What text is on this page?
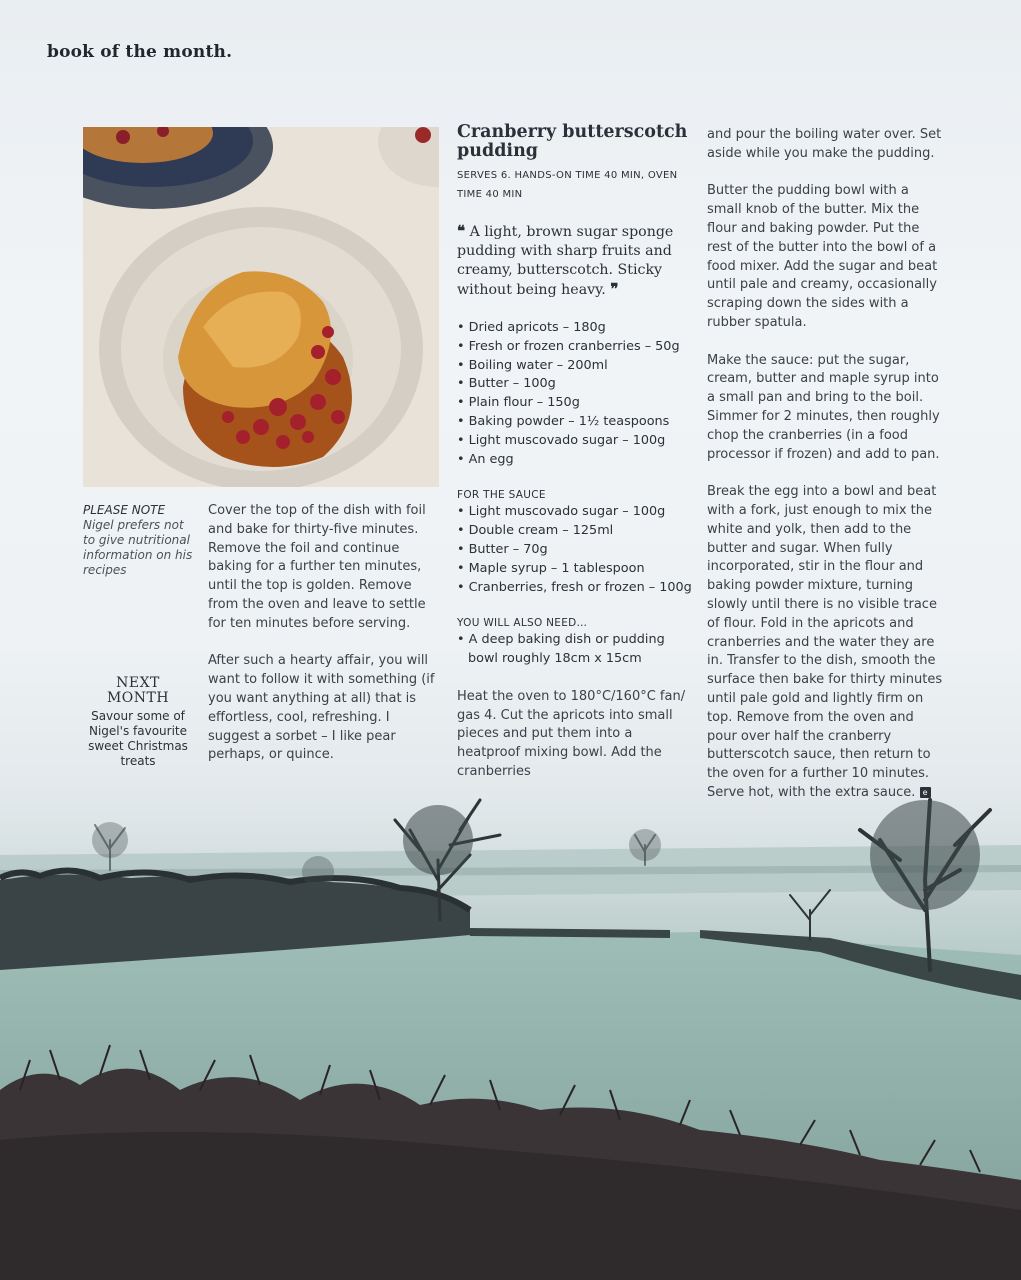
book of the month.
PLEASE NOTE
Nigel prefers not to give nutritional information on his recipes
NEXT
MONTH
Savour some of Nigel's favourite sweet Christmas treats

Cover the top of the dish with foil and bake for thirty-five minutes. Remove the foil and continue baking for a further ten minutes, until the top is golden. Remove from the oven and leave to settle for ten minutes before serving.

After such a hearty affair, you will want to follow it with something (if you want anything at all) that is effortless, cool, refreshing. I suggest a sorbet – I like pear perhaps, or quince.

Cranberry butterscotch pudding
SERVES 6. HANDS-ON TIME 40 MIN, OVEN TIME 40 MIN
❝ A light, brown sugar sponge pudding with sharp fruits and creamy, butterscotch. Sticky without being heavy. ❞
• Dried apricots – 180g
• Fresh or frozen cranberries – 50g
• Boiling water – 200ml
• Butter – 100g
• Plain flour – 150g
• Baking powder – 1½ teaspoons
• Light muscovado sugar – 100g
• An egg
FOR THE SAUCE
• Light muscovado sugar – 100g
• Double cream – 125ml
• Butter – 70g
• Maple syrup – 1 tablespoon
• Cranberries, fresh or frozen – 100g
YOU WILL ALSO NEED…
• A deep baking dish or pudding bowl roughly 18cm x 15cm
Heat the oven to 180°C/160°C fan/ gas 4. Cut the apricots into small pieces and put them into a heatproof mixing bowl. Add the cranberries

and pour the boiling water over. Set aside while you make the pudding.

Butter the pudding bowl with a small knob of the butter. Mix the flour and baking powder. Put the rest of the butter into the bowl of a food mixer. Add the sugar and beat until pale and creamy, occasionally scraping down the sides with a rubber spatula.

Make the sauce: put the sugar, cream, butter and maple syrup into a small pan and bring to the boil. Simmer for 2 minutes, then roughly chop the cranberries (in a food processor if frozen) and add to pan.

Break the egg into a bowl and beat with a fork, just enough to mix the white and yolk, then add to the butter and sugar. When fully incorporated, stir in the flour and baking powder mixture, turning slowly until there is no visible trace of flour. Fold in the apricots and cranberries and the water they are in. Transfer to the dish, smooth the surface then bake for thirty minutes until pale gold and lightly firm on top. Remove from the oven and pour over half the cranberry butterscotch sauce, then return to the oven for a further 10 minutes. Serve hot, with the extra sauce. e
